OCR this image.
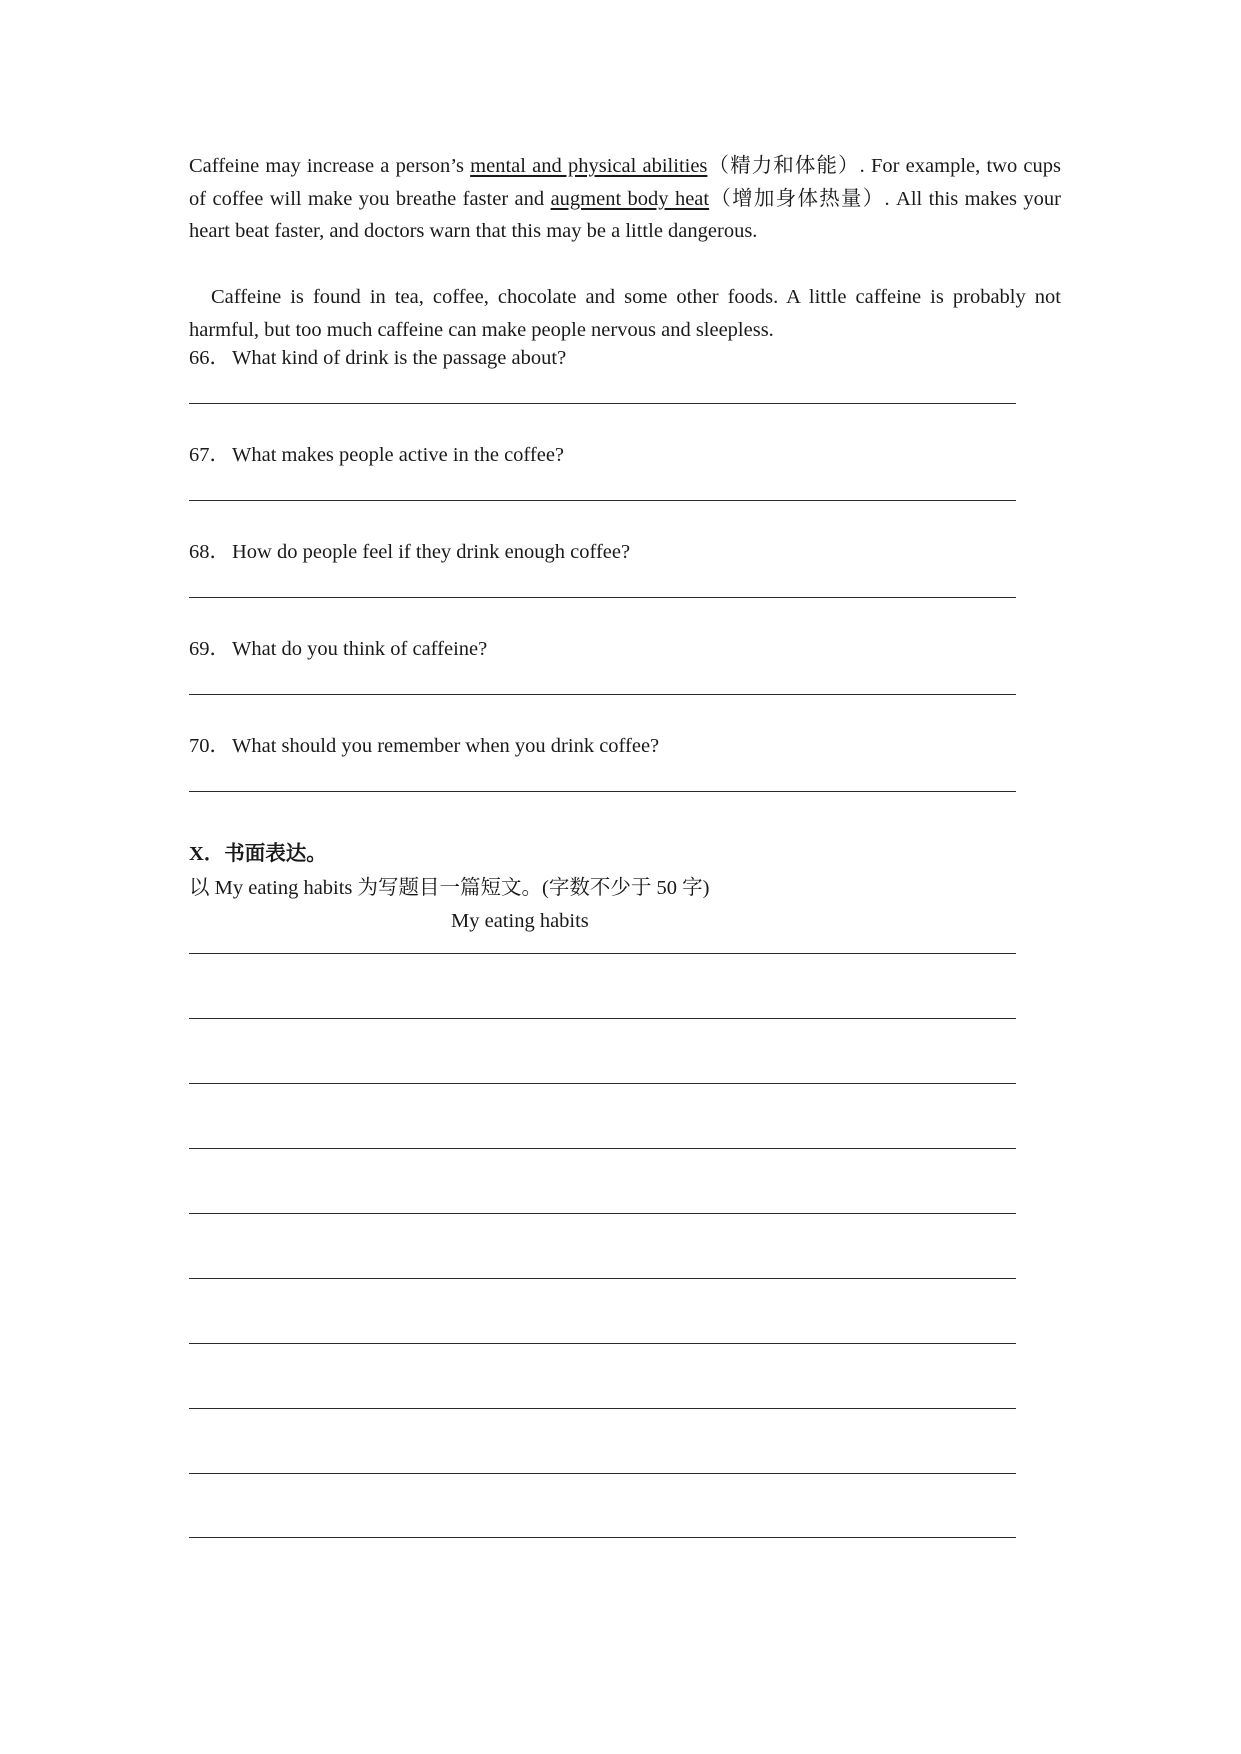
Caffeine may increase a person’s mental and physical abilities（精力和体能）. For example, two cups of coffee will make you breathe faster and augment body heat（增加身体热量）. All this makes your heart beat faster, and doctors warn that this may be a little dangerous.

Caffeine is found in tea, coffee, chocolate and some other foods. A little caffeine is probably not harmful, but too much caffeine can make people nervous and sleepless.

66．What kind of drink is the passage about?

67．What makes people active in the coffee?

68．How do people feel if they drink enough coffee?

69．What do you think of caffeine?

70．What should you remember when you drink coffee?

X．书面表达。

以 My eating habits 为写题目一篇短文。(字数不少于 50 字)

My eating habits
